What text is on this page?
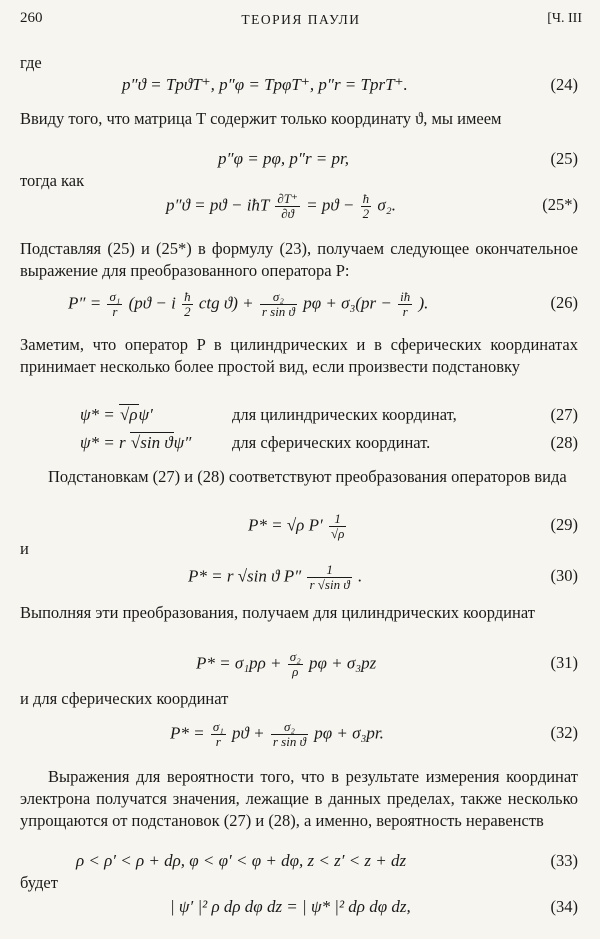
260	ТЕОРИЯ ПАУЛИ	[Ч. III
где
p″ϑ = TpϑT⁺, p″φ = TpφT⁺, p″r = TprT⁺.	(24)
Ввиду того, что матрица T содержит только координату ϑ, мы имеем
p″φ = pφ, p″r = pr,	(25)
тогда как
p″ϑ = pϑ − iħT $\frac{\partial T^+}{\partial ϑ} = pϑ - \frac{ħ}{2} \sigma_2$.	(25*)
Подставляя (25) и (25*) в формулу (23), получаем следующее окончательное выражение для преобразованного оператора P:
$P'' = \frac{\text{σ₁}}{r} (pϑ - i \frac{ħ}{2}$ ctg $ϑ) + \frac{\text{σ₂}}{\text{r sin ϑ}}$ $p\varphi + \sigma_3(pr - \frac{iħ}{r}$ ).	(26)
Заметим, что оператор P в цилиндрических и в сферических координатах принимает несколько более простой вид, если произвести подстановку
ψ* = √ρψ′	для цилиндрических координат,	(27)
ψ* = r √sin ϑψ″ для сферических координат.	(28)
Подстановкам (27) и (28) соответствуют преобразования операторов вида
P* = √ρ $P' \frac{1}{√\rho}$	(29)
и
P* = r √sin ϑ $P'' \frac{1}{\text{r √sin ϑ}}$ .	(30)
Выполняя эти преобразования, получаем для цилиндрических координат
$P* = \sigma_1p\rho + \frac{\text{σ₂}}{\rho}$ pφ + σ₃pz	(31)
и для сферических координат
$P* = \frac{\text{σ₁}}{r}$ $pϑ + \frac{\text{σ₂}}{\text{r sin ϑ}}$ pφ + σ₃pr.	(32)
Выражения для вероятности того, что в результате измерения координат электрона получатся значения, лежащие в данных пределах, также несколько упрощаются от подстановок (27) и (28), а именно, вероятность неравенств
ρ < ρ′ < ρ + dρ, φ < φ′ < φ + dφ, z < z′ < z + dz	(33)
будет
| ψ′ |² ρ dρ dφ dz = | ψ* |² dρ dφ dz,	(34)
